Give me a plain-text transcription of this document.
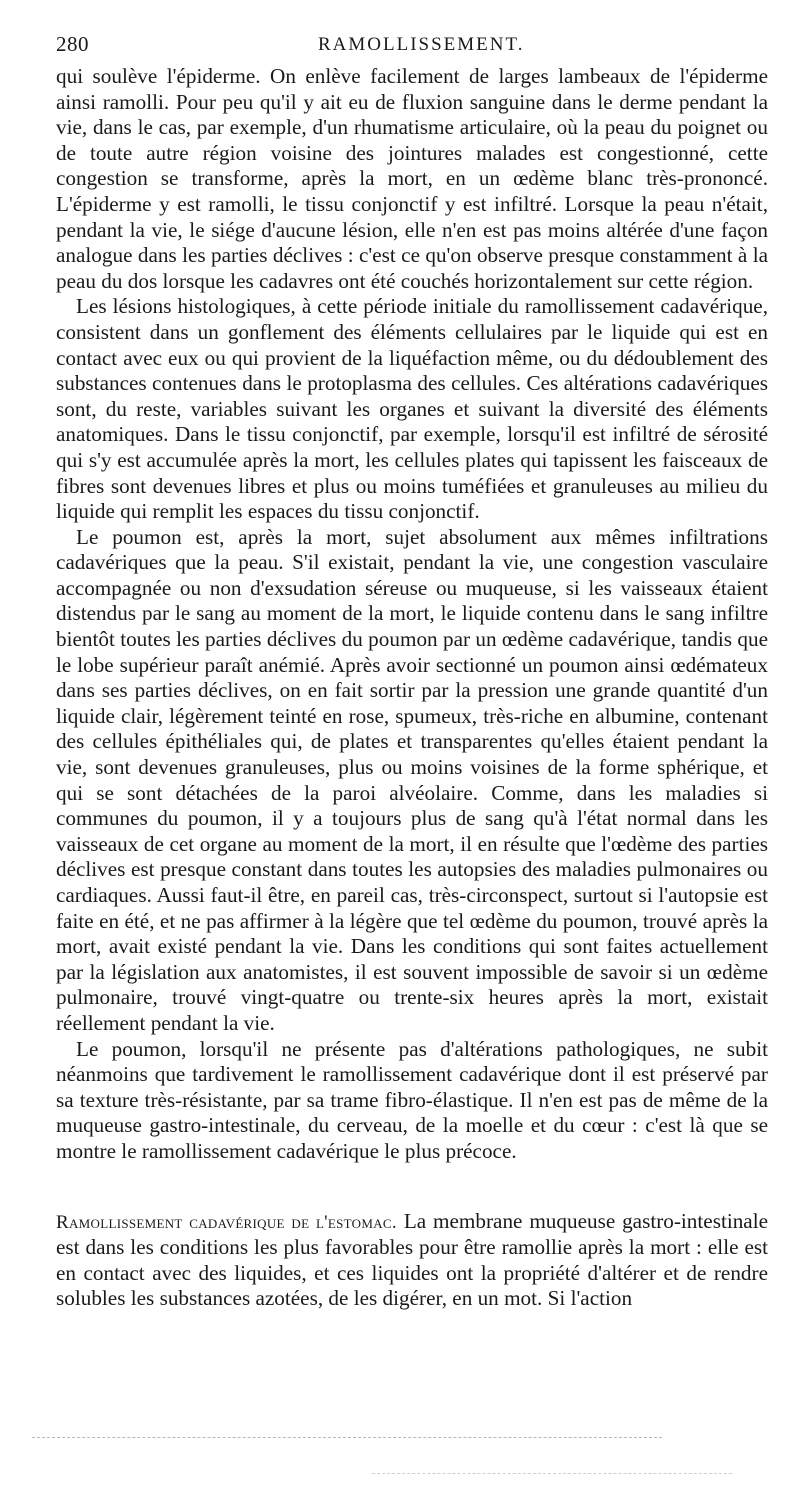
280	RAMOLLISSEMENT.

qui soulève l'épiderme. On enlève facilement de larges lambeaux de l'épiderme ainsi ramolli. Pour peu qu'il y ait eu de fluxion sanguine dans le derme pendant la vie, dans le cas, par exemple, d'un rhumatisme articulaire, où la peau du poignet ou de toute autre région voisine des jointures malades est congestionné, cette congestion se transforme, après la mort, en un œdème blanc très-prononcé. L'épiderme y est ramolli, le tissu conjonctif y est infiltré. Lorsque la peau n'était, pendant la vie, le siége d'aucune lésion, elle n'en est pas moins altérée d'une façon analogue dans les parties déclives : c'est ce qu'on observe presque constamment à la peau du dos lorsque les cadavres ont été couchés horizontalement sur cette région.

Les lésions histologiques, à cette période initiale du ramollissement cadavérique, consistent dans un gonflement des éléments cellulaires par le liquide qui est en contact avec eux ou qui provient de la liquéfaction même, ou du dédoublement des substances contenues dans le protoplasma des cellules. Ces altérations cadavériques sont, du reste, variables suivant les organes et suivant la diversité des éléments anatomiques. Dans le tissu conjonctif, par exemple, lorsqu'il est infiltré de sérosité qui s'y est accumulée après la mort, les cellules plates qui tapissent les faisceaux de fibres sont devenues libres et plus ou moins tuméfiées et granuleuses au milieu du liquide qui remplit les espaces du tissu conjonctif.

Le poumon est, après la mort, sujet absolument aux mêmes infiltrations cadavériques que la peau. S'il existait, pendant la vie, une congestion vasculaire accompagnée ou non d'exsudation séreuse ou muqueuse, si les vaisseaux étaient distendus par le sang au moment de la mort, le liquide contenu dans le sang infiltre bientôt toutes les parties déclives du poumon par un œdème cadavérique, tandis que le lobe supérieur paraît anémié. Après avoir sectionné un poumon ainsi œdémateux dans ses parties déclives, on en fait sortir par la pression une grande quantité d'un liquide clair, légèrement teinté en rose, spumeux, très-riche en albumine, contenant des cellules épithéliales qui, de plates et transparentes qu'elles étaient pendant la vie, sont devenues granuleuses, plus ou moins voisines de la forme sphérique, et qui se sont détachées de la paroi alvéolaire. Comme, dans les maladies si communes du poumon, il y a toujours plus de sang qu'à l'état normal dans les vaisseaux de cet organe au moment de la mort, il en résulte que l'œdème des parties déclives est presque constant dans toutes les autopsies des maladies pulmonaires ou cardiaques. Aussi faut-il être, en pareil cas, très-circonspect, surtout si l'autopsie est faite en été, et ne pas affirmer à la légère que tel œdème du poumon, trouvé après la mort, avait existé pendant la vie. Dans les conditions qui sont faites actuellement par la législation aux anatomistes, il est souvent impossible de savoir si un œdème pulmonaire, trouvé vingt-quatre ou trente-six heures après la mort, existait réellement pendant la vie.

Le poumon, lorsqu'il ne présente pas d'altérations pathologiques, ne subit néanmoins que tardivement le ramollissement cadavérique dont il est préservé par sa texture très-résistante, par sa trame fibro-élastique. Il n'en est pas de même de la muqueuse gastro-intestinale, du cerveau, de la moelle et du cœur : c'est là que se montre le ramollissement cadavérique le plus précoce.

Ramollissement cadavérique de l'estomac. La membrane muqueuse gastro-intestinale est dans les conditions les plus favorables pour être ramollie après la mort : elle est en contact avec des liquides, et ces liquides ont la propriété d'altérer et de rendre solubles les substances azotées, de les digérer, en un mot. Si l'action
